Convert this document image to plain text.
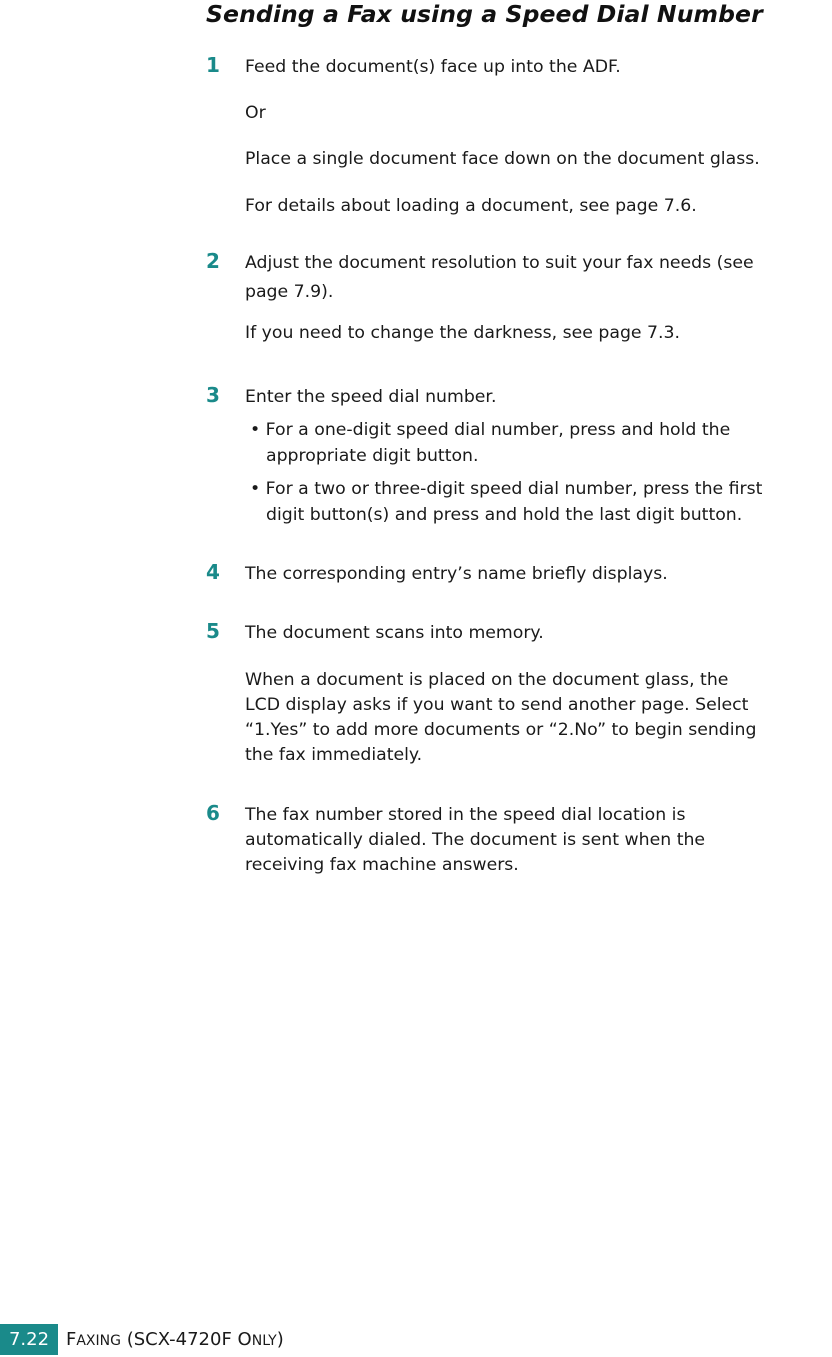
Sending a Fax using a Speed Dial Number
1 Feed the document(s) face up into the ADF.
Or
Place a single document face down on the document glass.
For details about loading a document, see page 7.6.
2 Adjust the document resolution to suit your fax needs (see
page 7.9).
If you need to change the darkness, see page 7.3.
3 Enter the speed dial number.
• For a one-digit speed dial number, press and hold the
appropriate digit button.
• For a two or three-digit speed dial number, press the first
digit button(s) and press and hold the last digit button.
4 The corresponding entry’s name briefly displays.
5 The document scans into memory.
When a document is placed on the document glass, the
LCD display asks if you want to send another page. Select
“1.Yes” to add more documents or “2.No” to begin sending
the fax immediately.
6 The fax number stored in the speed dial location is
automatically dialed. The document is sent when the
receiving fax machine answers.
7.22 FAXING (SCX-4720F ONLY)
